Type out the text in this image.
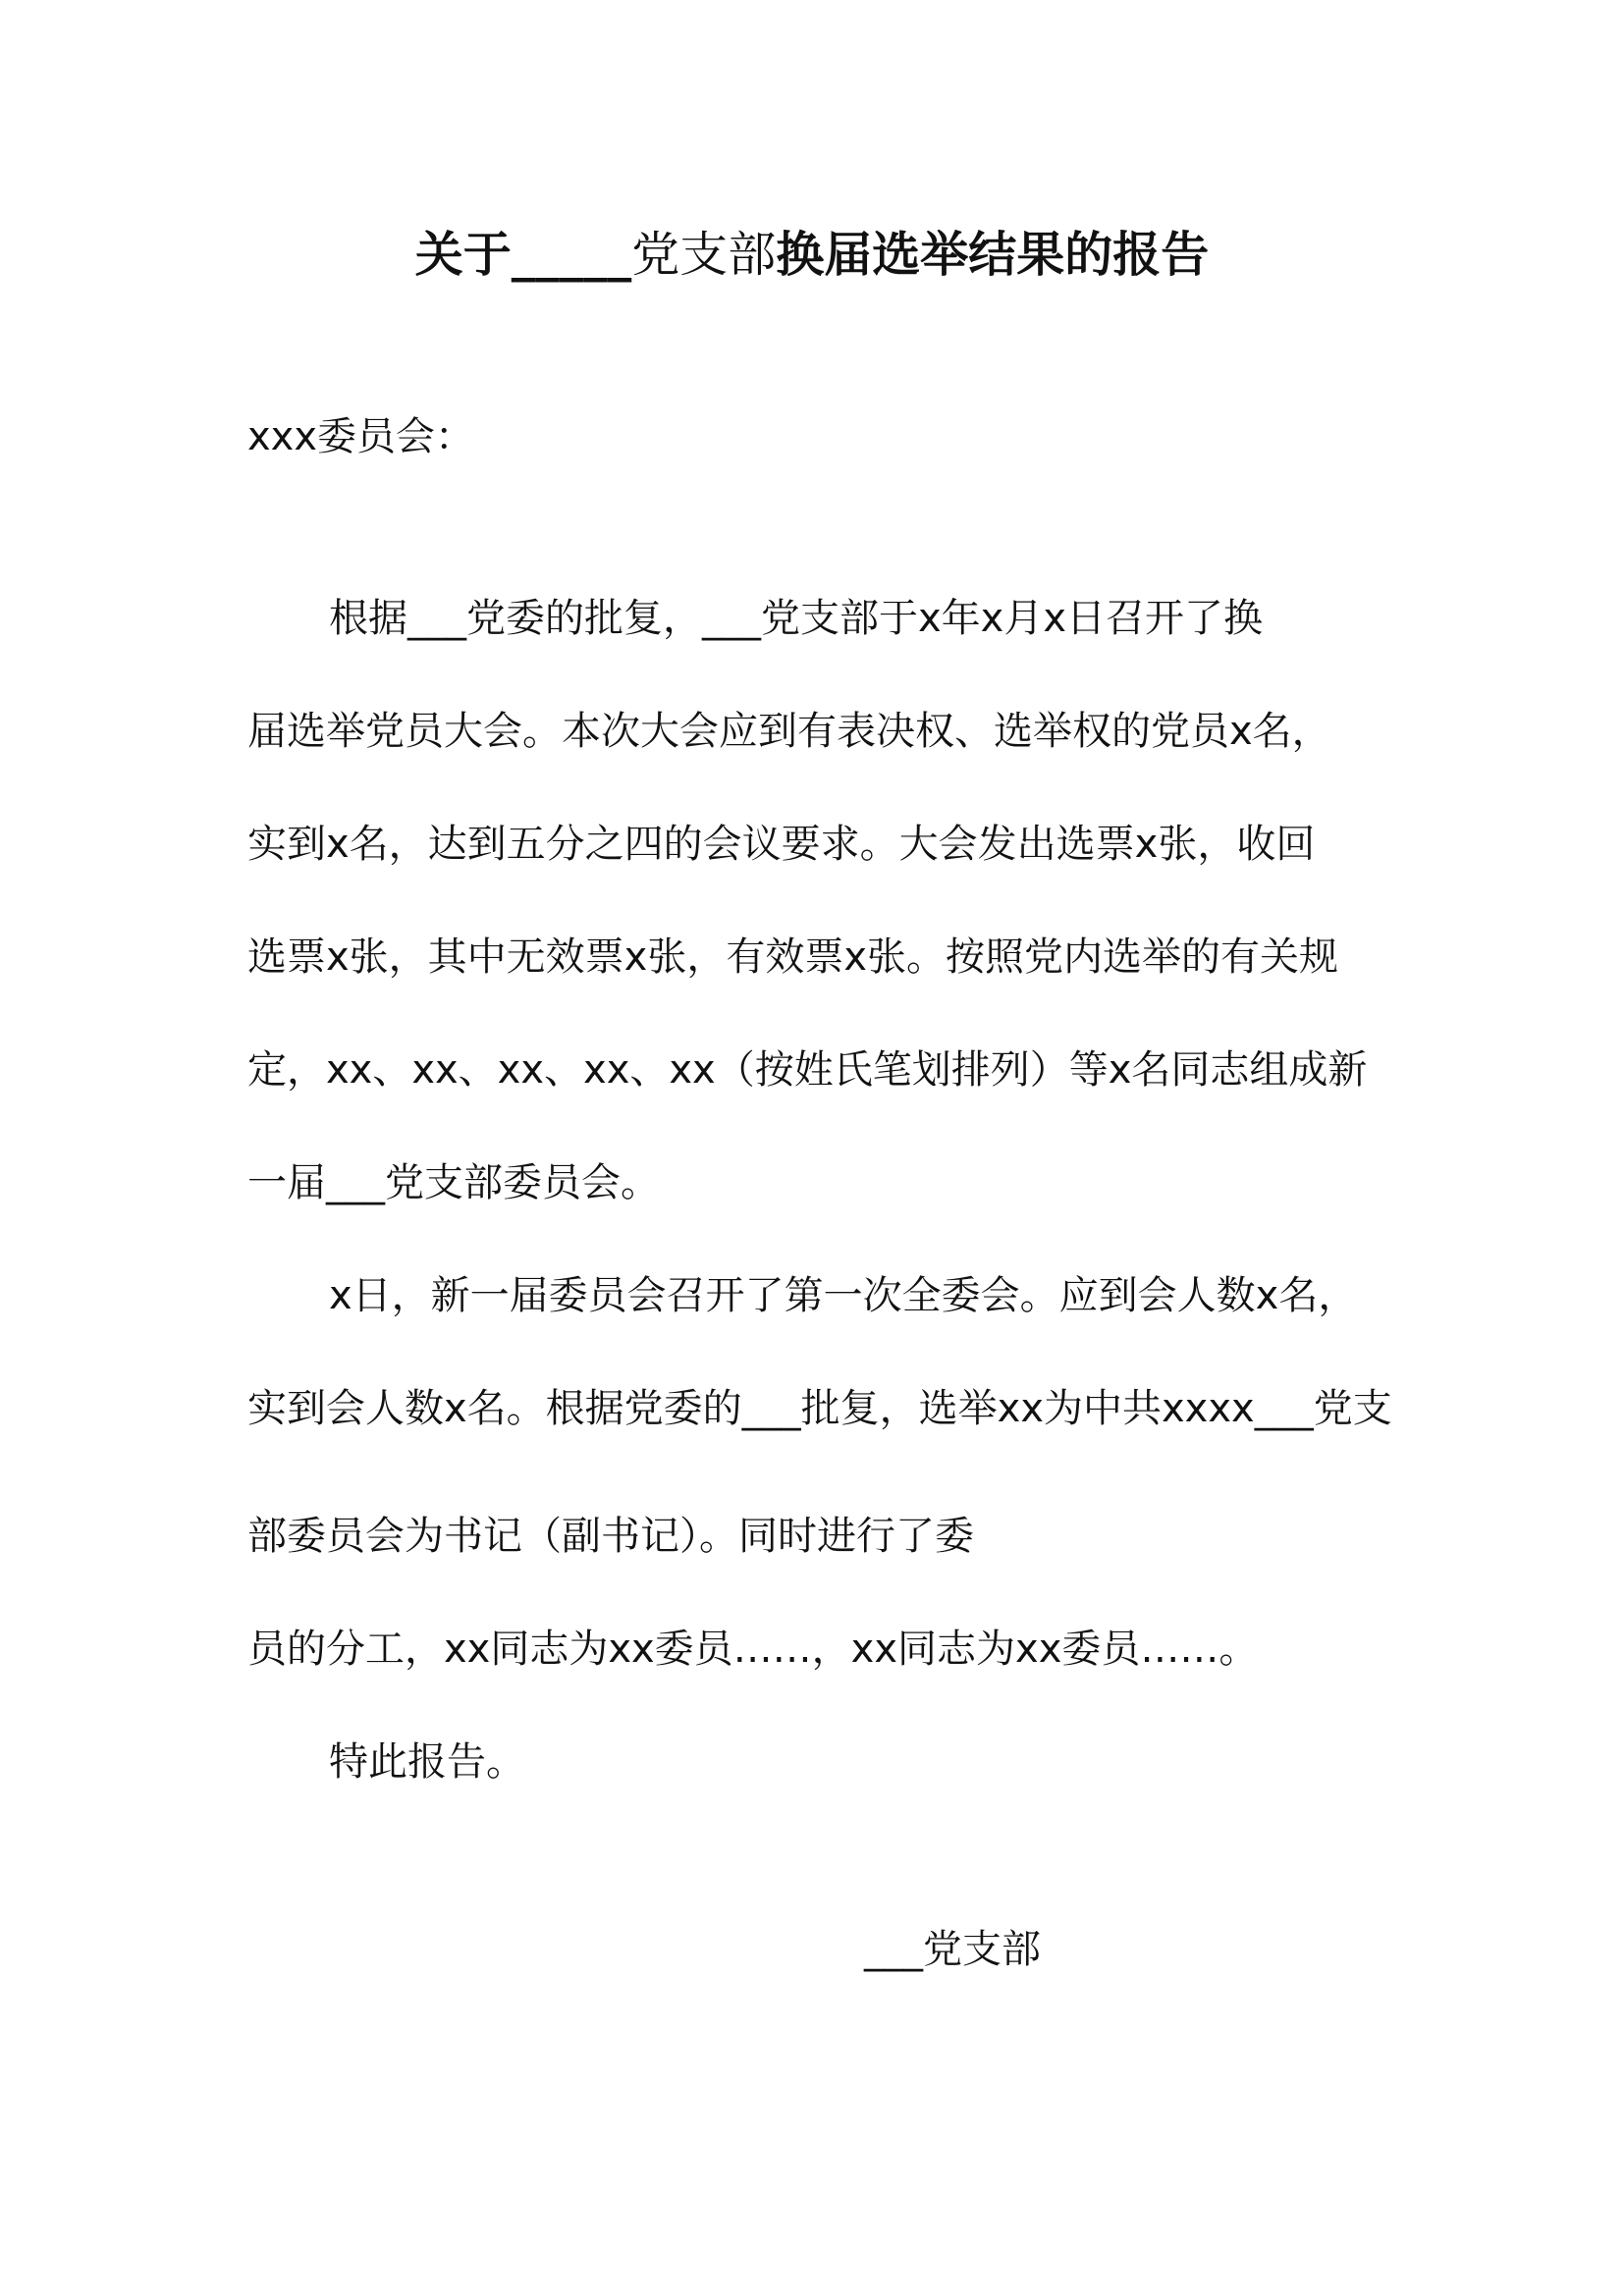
关于_____党支部换届选举结果的报告
xxx委员会：
根据___党委的批复，___党支部于x年x月x日召开了换
届选举党员大会。本次大会应到有表决权、选举权的党员x名，
实到x名，达到五分之四的会议要求。大会发出选票x张，收回
选票x张，其中无效票x张，有效票x张。按照党内选举的有关规
定，xx、xx、xx、xx、xx（按姓氏笔划排列）等x名同志组成新
一届___党支部委员会。
x日，新一届委员会召开了第一次全委会。应到会人数x名，
实到会人数x名。根据党委的___批复，选举xx为中共xxxx___党支
部委员会为书记（副书记）。同时进行了委
员的分工，xx同志为xx委员……，xx同志为xx委员……。
特此报告。
___党支部
